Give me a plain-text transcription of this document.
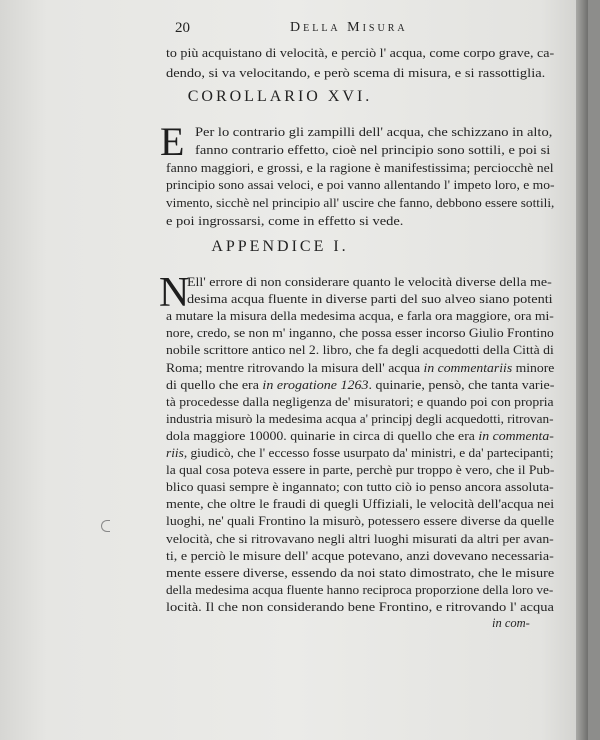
20	Della Misura
to più acquistano di velocità, e perciò l' acqua, come corpo grave, ca-
dendo, si va velocitando, e però scema di misura, e si rassottiglia.
COROLLARIO XVI.
E Per lo contrario gli zampilli dell' acqua, che schizzano in alto,
fanno contrario effetto, cioè nel principio sono sottili, e poi si
fanno maggiori, e grossi, e la ragione è manifestissima; perciocchè nel
principio sono assai veloci, e poi vanno allentando l' impeto loro, e mo-
vimento, sicchè nel principio all' uscire che fanno, debbono essere sottili,
e poi ingrossarsi, come in effetto si vede.
APPENDICE I.
N
Ell' errore di non considerare quanto le velocità diverse della me-
desima acqua fluente in diverse parti del suo alveo siano potenti
a mutare la misura della medesima acqua, e farla ora maggiore, ora mi-
nore, credo, se non m' inganno, che possa esser incorso Giulio Frontino
nobile scrittore antico nel 2. libro, che fa degli acquedotti della Città di
Roma; mentre ritrovando la misura dell' acqua in commentariis minore
di quello che era in erogatione 1263. quinarie, pensò, che tanta varie-
tà procedesse dalla negligenza de' misuratori; e quando poi con propria
industria misurò la medesima acqua a' principj degli acquedotti, ritrovan-
dola maggiore 10000. quinarie in circa di quello che era in commenta-
riis, giudicò, che l' eccesso fosse usurpato da' ministri, e da' partecipanti;
la qual cosa poteva essere in parte, perchè pur troppo è vero, che il Pub-
blico quasi sempre è ingannato; con tutto ciò io penso ancora assoluta-
mente, che oltre le fraudi di quegli Uffiziali, le velocità dell'acqua nei
luoghi, ne' quali Frontino la misurò, potessero essere diverse da quelle
velocità, che si ritrovavano negli altri luoghi misurati da altri per avan-
ti, e perciò le misure dell' acque potevano, anzi dovevano necessaria-
mente essere diverse, essendo da noi stato dimostrato, che le misure
della medesima acqua fluente hanno reciproca proporzione della loro ve-
locità. Il che non considerando bene Frontino, e ritrovando l' acqua
in com-
